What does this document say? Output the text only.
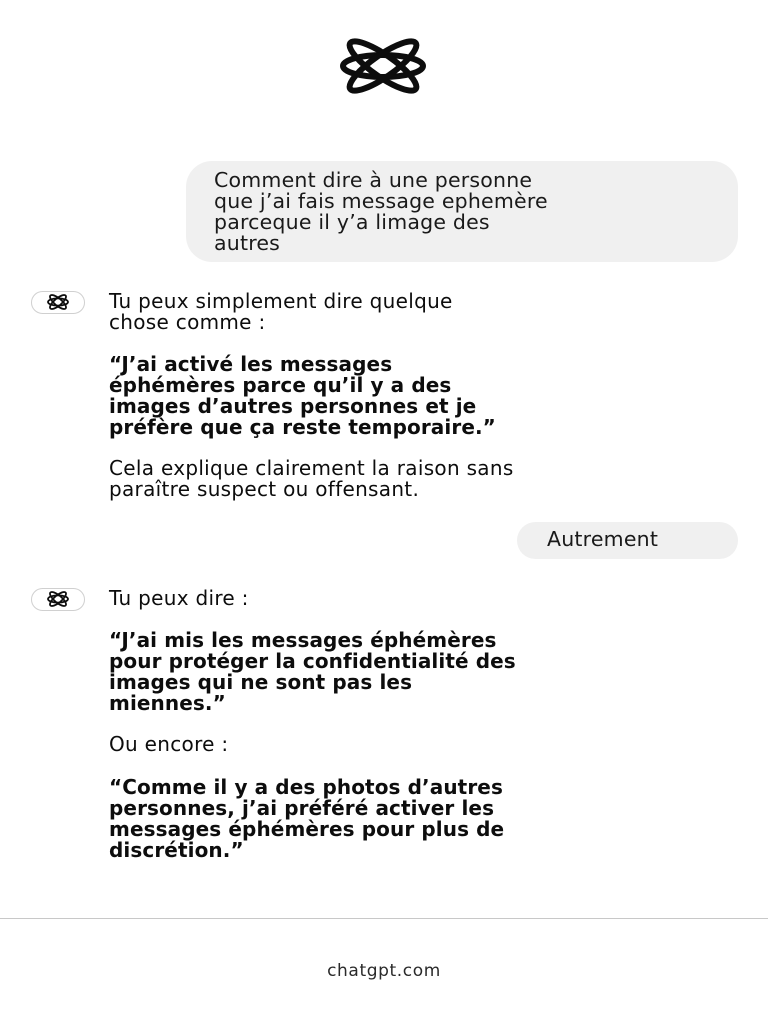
Comment dire à une personne
que j’ai fais message ephemère
parceque il y’a limage des
autres
Tu peux simplement dire quelque
chose comme :
“J’ai activé les messages
éphémères parce qu’il y a des
images d’autres personnes et je
préfère que ça reste temporaire.”
Cela explique clairement la raison sans
paraître suspect ou offensant.
Autrement
Tu peux dire :
“J’ai mis les messages éphémères
pour protéger la confidentialité des
images qui ne sont pas les
miennes.”
Ou encore :
“Comme il y a des photos d’autres
personnes, j’ai préféré activer les
messages éphémères pour plus de
discrétion.”
chatgpt.com
